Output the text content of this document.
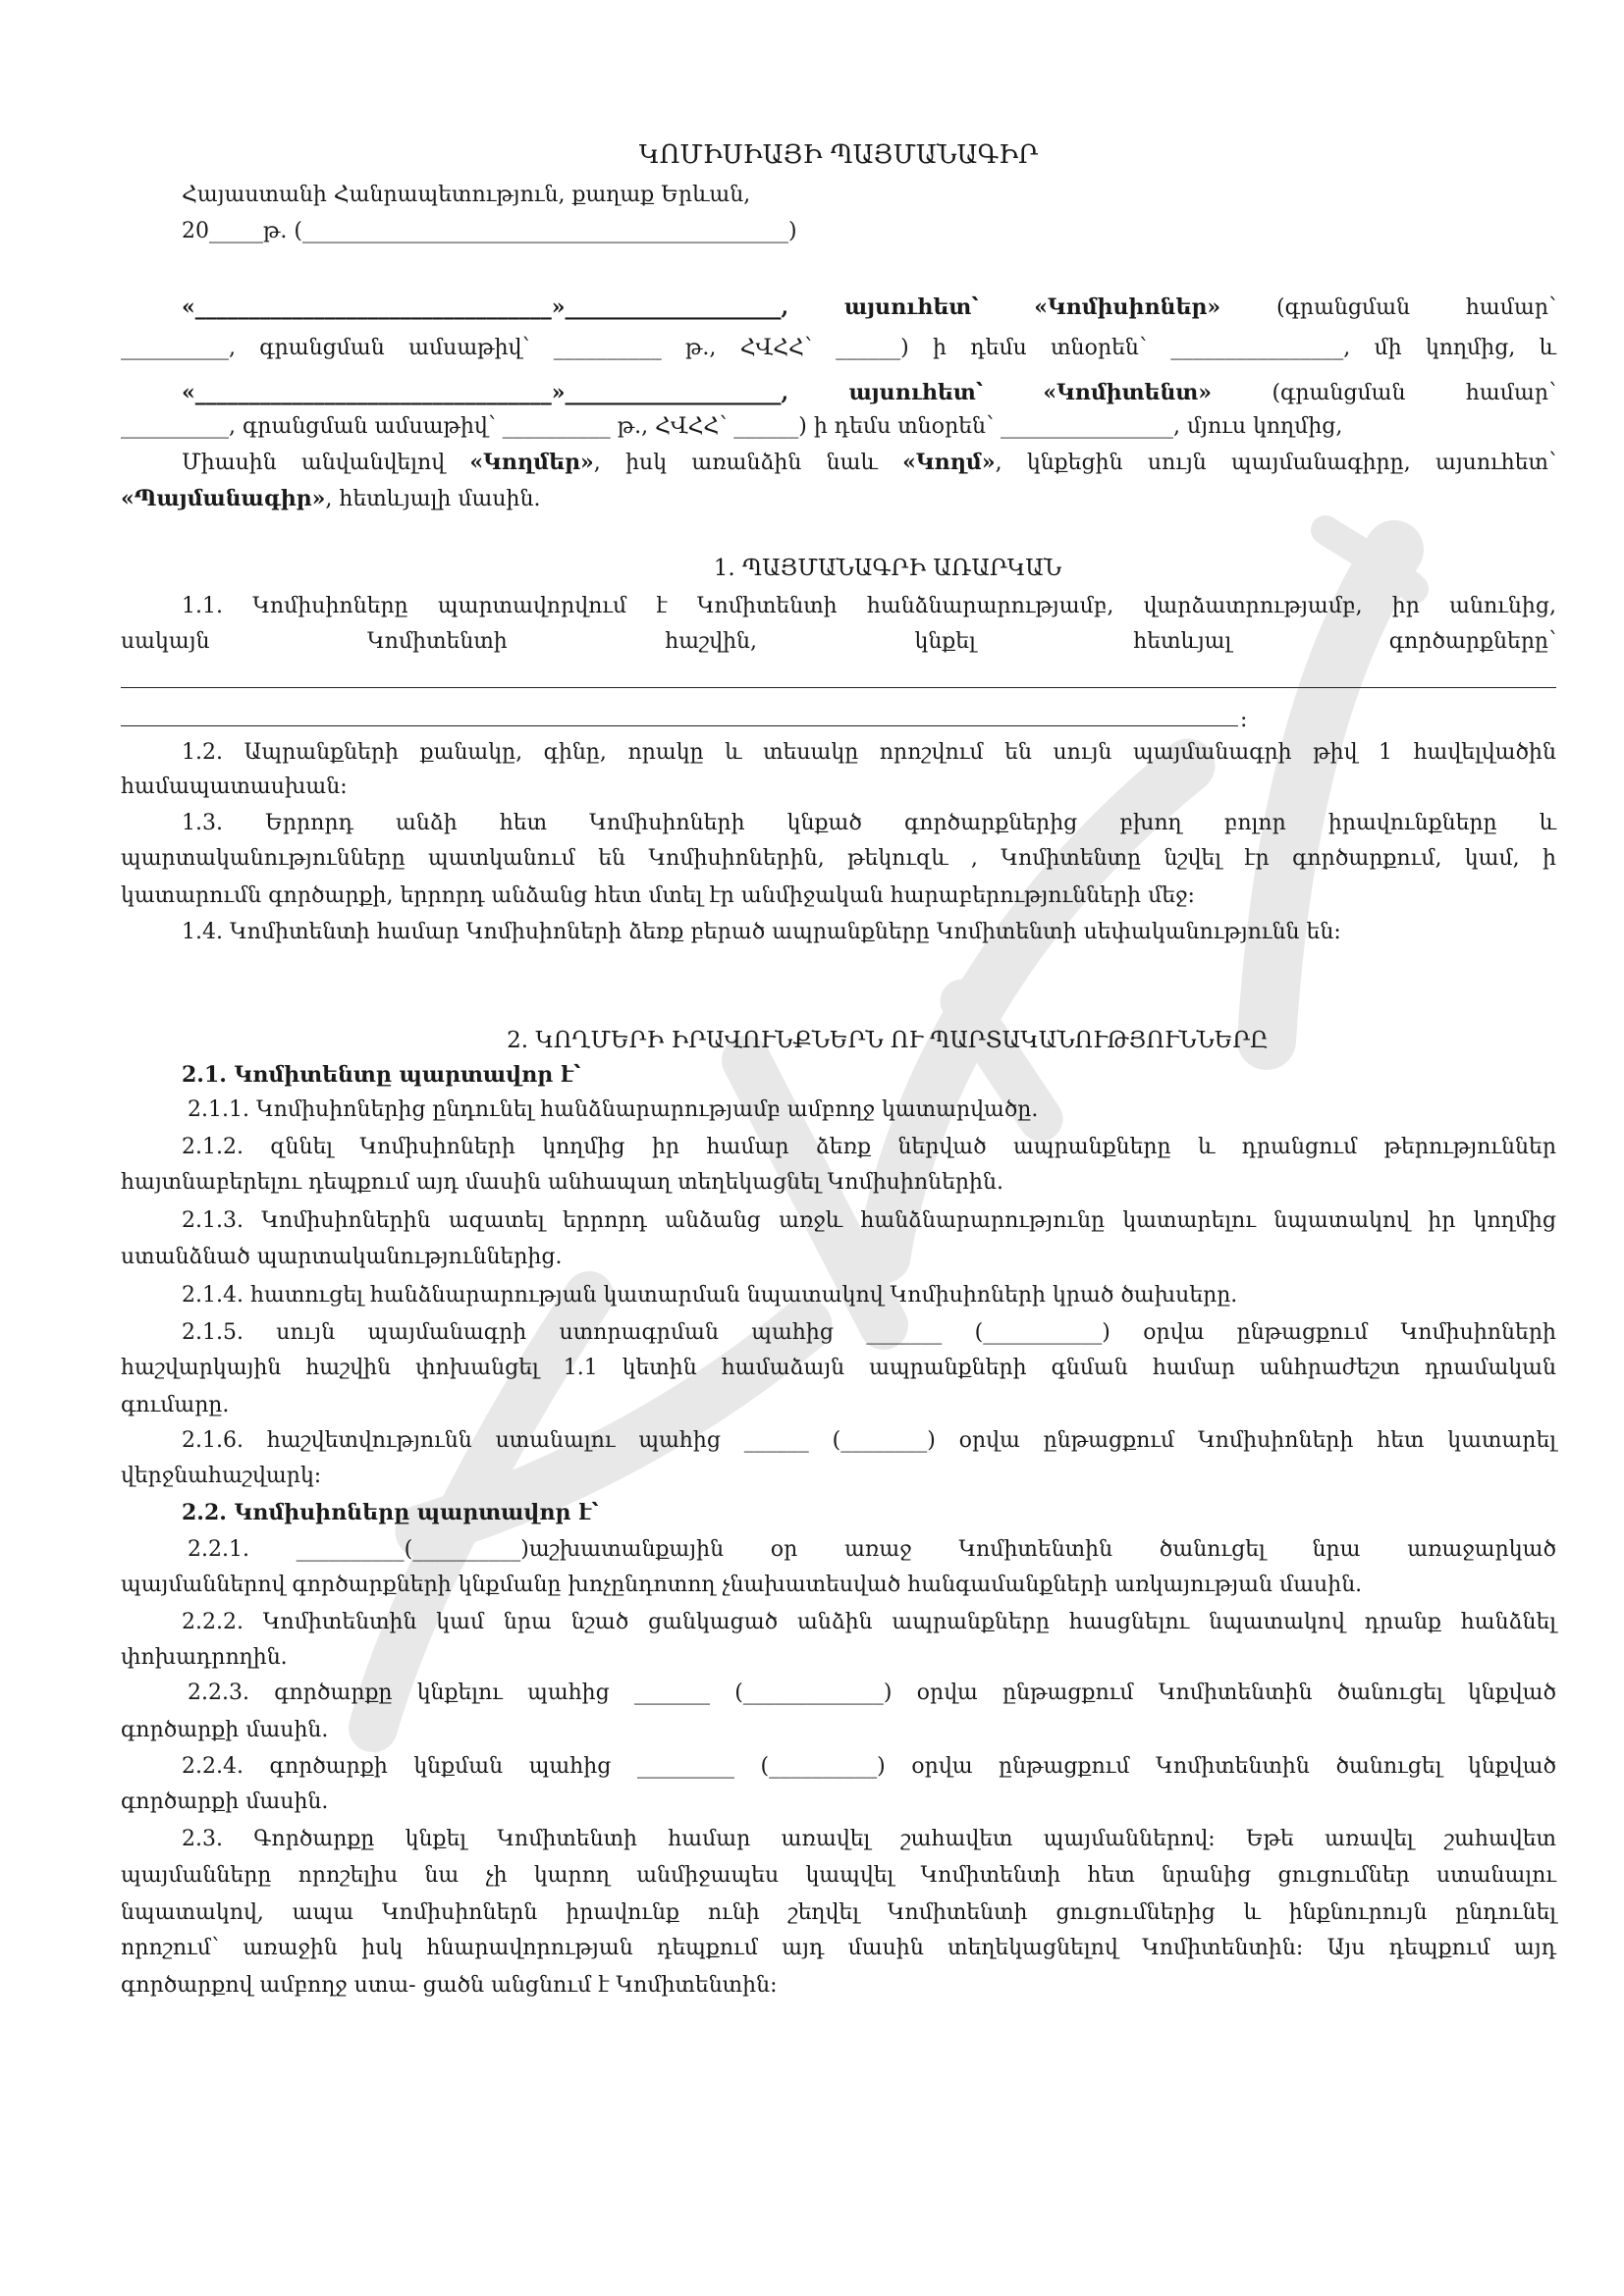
ԿՈՄԻՍԻԱՅԻ ՊԱՅՄԱՆԱԳԻՐ
Հայաստանի Հանրապետություն, քաղաք Երևան,
20_____թ. (_____________________________________________)
«_________________________________»____________________,	այսուհետ՝	«Կոմիսիոներ»	(գրանցման համար՝
__________, գրանցման ամսաթիվ՝ __________ թ., ՀՎՀՀ՝ ______) ի դեմս տնօրեն՝ ________________, մի կողմից, և
«_________________________________»____________________,	այսուհետ՝	«Կոմիտենտ»	(գրանցման համար՝
__________, գրանցման ամսաթիվ՝ __________ թ., ՀՎՀՀ՝ ______) ի դեմս տնօրեն՝ ________________, մյուս կողմից,
Միասին անվանվելով «Կողմեր», իսկ առանձին նաև «Կողմ», կնքեցին սույն պայմանագիրը, այսուհետ՝
«Պայմանագիր», հետևյալի մասին.
1. ՊԱՅՄԱՆԱԳՐԻ ԱՌԱՐԿԱՆ
1.1. Կոմիսիոները պարտավորվում է Կոմիտենտի հանձնարարությամբ, վարձատրությամբ, իր անունից,
սակայն Կոմիտենտի հաշվին, կնքել հետևյալ գործարքները՝
:
1.2. Ապրանքների քանակը, գինը, որակը և տեսակը որոշվում են սույն պայմանագրի թիվ 1 հավելվածին
համապատասխան:
1.3. Երրորդ անձի հետ Կոմիսիոների կնքած գործարքներից բխող բոլոր իրավունքները և
պարտականությունները պատկանում են Կոմիսիոներին, թեկուզև , Կոմիտենտը նշվել էր գործարքում, կամ, ի
կատարումն գործարքի, երրորդ անձանց հետ մտել էր անմիջական հարաբերությունների մեջ:
1.4. Կոմիտենտի համար Կոմիսիոների ձեռք բերած ապրանքները Կոմիտենտի սեփականությունն են:
2. ԿՈՂՄԵՐԻ ԻՐԱՎՈՒՆՔՆԵՐՆ ՈՒ ՊԱՐՏԱԿԱՆՈՒԹՅՈՒՆՆԵՐԸ
2.1. Կոմիտենտը պարտավոր է՝
2.1.1. Կոմիսիոներից ընդունել հանձնարարությամբ ամբողջ կատարվածը.
2.1.2. զննել Կոմիսիոների կողմից իր համար ձեռք ներված ապրանքները և դրանցում թերություններ
հայտնաբերելու դեպքում այդ մասին անհապաղ տեղեկացնել Կոմիսիոներին.
2.1.3. Կոմիսիոներին ազատել երրորդ անձանց առջև հանձնարարությունը կատարելու նպատակով իր կողմից
ստանձնած պարտականություններից.
2.1.4. հատուցել հանձնարարության կատարման նպատակով Կոմիսիոների կրած ծախսերը.
2.1.5. սույն պայմանագրի ստորագրման պահից _______ (___________) օրվա ընթացքում Կոմիսիոների
հաշվարկային հաշվին փոխանցել 1.1 կետին համաձայն ապրանքների գնման համար անհրաժեշտ դրամական
գումարը.
2.1.6. հաշվետվությունն ստանալու պահից ______ (________) օրվա ընթացքում Կոմիսիոների հետ կատարել
վերջնահաշվարկ:
2.2. Կոմիսիոները պարտավոր է՝
2.2.1. __________(__________)աշխատանքային օր առաջ Կոմիտենտին ծանուցել նրա առաջարկած
պայմաններով գործարքների կնքմանը խոչընդոտող չնախատեսված հանգամանքների առկայության մասին.
2.2.2. Կոմիտենտին կամ նրա նշած ցանկացած անձին ապրանքները հասցնելու նպատակով դրանք հանձնել
փոխադրողին.
2.2.3. գործարքը կնքելու պահից _______ (_____________) օրվա ընթացքում Կոմիտենտին ծանուցել կնքված
գործարքի մասին.
2.2.4. գործարքի կնքման պահից _________ (__________) օրվա ընթացքում Կոմիտենտին ծանուցել կնքված
գործարքի մասին.
2.3. Գործարքը կնքել Կոմիտենտի համար առավել շահավետ պայմաններով: Եթե առավել շահավետ
պայմանները որոշելիս նա չի կարող անմիջապես կապվել Կոմիտենտի հետ նրանից ցուցումներ ստանալու
նպատակով, ապա Կոմիսիոներն իրավունք ունի շեղվել Կոմիտենտի ցուցումներից և ինքնուրույն ընդունել
որոշում՝ առաջին իսկ հնարավորության դեպքում այդ մասին տեղեկացնելով Կոմիտենտին: Այս դեպքում այդ
գործարքով ամբողջ ստա- ցածն անցնում է Կոմիտենտին:
